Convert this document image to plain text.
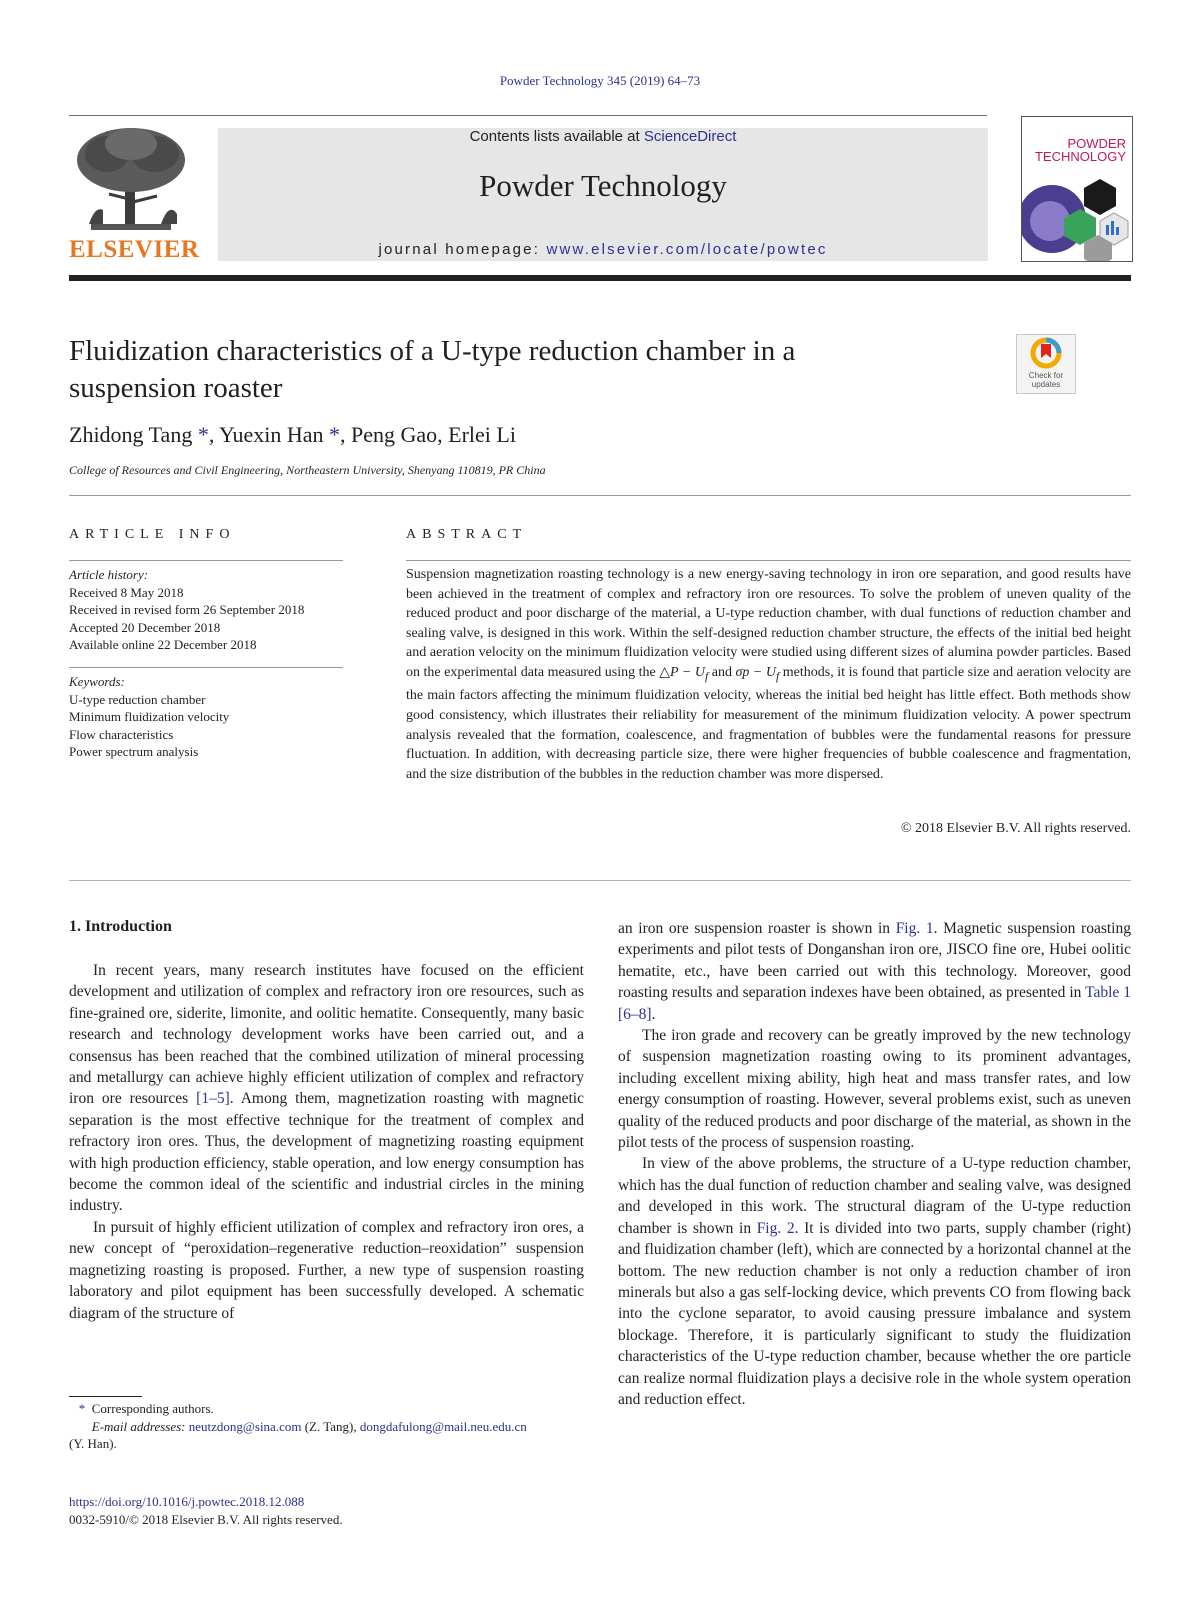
Powder Technology 345 (2019) 64–73
ELSEVIER
Contents lists available at ScienceDirect
Powder Technology
journal homepage: www.elsevier.com/locate/powtec
POWDER
TECHNOLOGY
Fluidization characteristics of a U-type reduction chamber in a suspension roaster	Check for
updates
Zhidong Tang *, Yuexin Han *, Peng Gao, Erlei Li
College of Resources and Civil Engineering, Northeastern University, Shenyang 110819, PR China
ARTICLE INFO
Article history:
Received 8 May 2018
Received in revised form 26 September 2018
Accepted 20 December 2018
Available online 22 December 2018
Keywords:
U-type reduction chamber
Minimum fluidization velocity
Flow characteristics
Power spectrum analysis
ABSTRACT
Suspension magnetization roasting technology is a new energy-saving technology in iron ore separation, and good results have been achieved in the treatment of complex and refractory iron ore resources. To solve the problem of uneven quality of the reduced product and poor discharge of the material, a U-type reduction chamber, with dual functions of reduction chamber and sealing valve, is designed in this work. Within the self-designed reduction chamber structure, the effects of the initial bed height and aeration velocity on the minimum fluidization velocity were studied using different sizes of alumina powder particles. Based on the experimental data measured using the △P − $U_f$ and $\sigma p - U_f$ methods, it is found that particle size and aeration velocity are the main factors affecting the minimum fluidization velocity, whereas the initial bed height has little effect. Both methods show good consistency, which illustrates their reliability for measurement of the minimum fluidization velocity. A power spectrum analysis revealed that the formation, coalescence, and fragmentation of bubbles were the fundamental reasons for pressure fluctuation. In addition, with decreasing particle size, there were higher frequencies of bubble coalescence and fragmentation, and the size distribution of the bubbles in the reduction chamber was more dispersed.
© 2018 Elsevier B.V. All rights reserved.
1. Introduction

In recent years, many research institutes have focused on the efficient development and utilization of complex and refractory iron ore resources, such as fine-grained ore, siderite, limonite, and oolitic hematite. Consequently, many basic research and technology development works have been carried out, and a consensus has been reached that the combined utilization of mineral processing and metallurgy can achieve highly efficient utilization of complex and refractory iron ore resources [1–5]. Among them, magnetization roasting with magnetic separation is the most effective technique for the treatment of complex and refractory iron ores. Thus, the development of magnetizing roasting equipment with high production efficiency, stable operation, and low energy consumption has become the common ideal of the scientific and industrial circles in the mining industry.

In pursuit of highly efficient utilization of complex and refractory iron ores, a new concept of “peroxidation–regenerative reduction–reoxidation” suspension magnetizing roasting is proposed. Further, a new type of suspension roasting laboratory and pilot equipment has been successfully developed. A schematic diagram of the structure of

an iron ore suspension roaster is shown in Fig. 1. Magnetic suspension roasting experiments and pilot tests of Donganshan iron ore, JISCO fine ore, Hubei oolitic hematite, etc., have been carried out with this technology. Moreover, good roasting results and separation indexes have been obtained, as presented in Table 1 [6–8].

The iron grade and recovery can be greatly improved by the new technology of suspension magnetization roasting owing to its prominent advantages, including excellent mixing ability, high heat and mass transfer rates, and low energy consumption of roasting. However, several problems exist, such as uneven quality of the reduced products and poor discharge of the material, as shown in the pilot tests of the process of suspension roasting.

In view of the above problems, the structure of a U-type reduction chamber, which has the dual function of reduction chamber and sealing valve, was designed and developed in this work. The structural diagram of the U-type reduction chamber is shown in Fig. 2. It is divided into two parts, supply chamber (right) and fluidization chamber (left), which are connected by a horizontal channel at the bottom. The new reduction chamber is not only a reduction chamber of iron minerals but also a gas self-locking device, which prevents CO from flowing back into the cyclone separator, to avoid causing pressure imbalance and system blockage. Therefore, it is particularly significant to study the fluidization characteristics of the U-type reduction chamber, because whether the ore particle can realize normal fluidization plays a decisive role in the whole system operation and reduction effect.

* Corresponding authors.
E-mail addresses: neutzdong@sina.com (Z. Tang), dongdafulong@mail.neu.edu.cn
(Y. Han).
https://doi.org/10.1016/j.powtec.2018.12.088
0032-5910/© 2018 Elsevier B.V. All rights reserved.
